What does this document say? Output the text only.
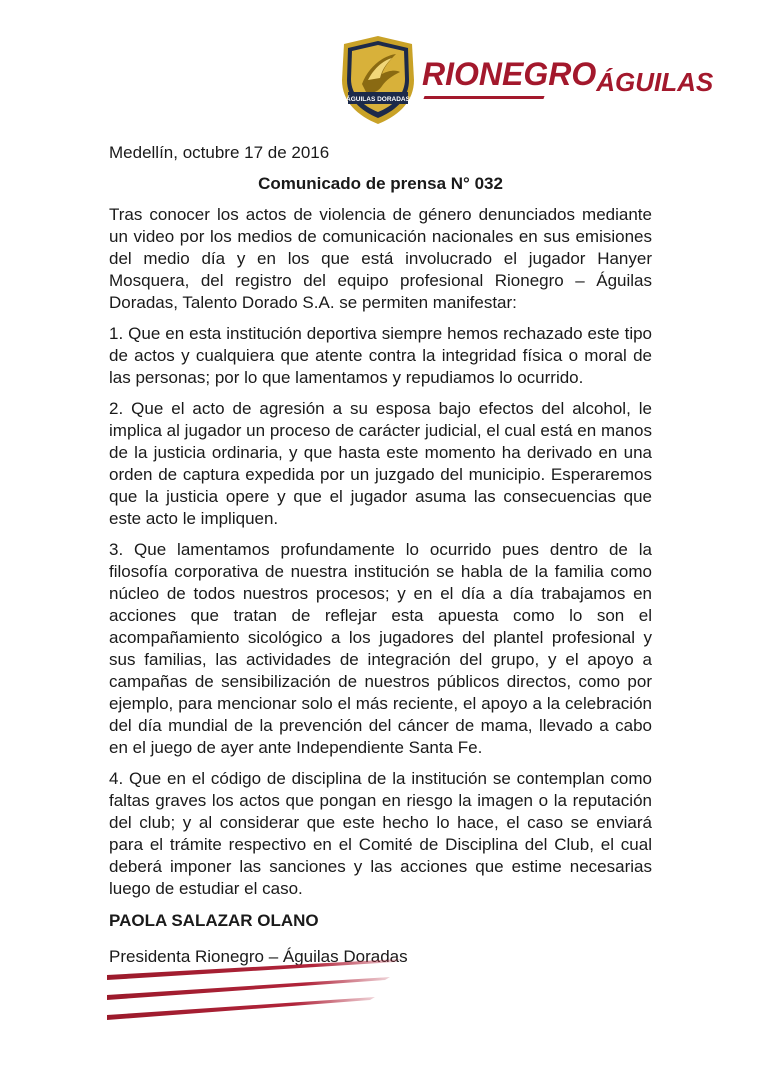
ÁGUILAS DORADAS
RIONEGROÁGUILAS

Medellín, octubre 17 de 2016

Comunicado de prensa N° 032

Tras conocer los actos de violencia de género denunciados mediante un video por los medios de comunicación nacionales en sus emisiones del medio día y en los que está involucrado el jugador Hanyer Mosquera, del registro del equipo profesional Rionegro – Águilas Doradas, Talento Dorado S.A. se permiten manifestar:

1. Que en esta institución deportiva siempre hemos rechazado este tipo de actos y cualquiera que atente contra la integridad física o moral de las personas; por lo que lamentamos y repudiamos lo ocurrido.

2. Que el acto de agresión a su esposa bajo efectos del alcohol, le implica al jugador un proceso de carácter judicial, el cual está en manos de la justicia ordinaria, y que hasta este momento ha derivado en una orden de captura expedida por un juzgado del municipio. Esperaremos que la justicia opere y que el jugador asuma las consecuencias que este acto le impliquen.

3. Que lamentamos profundamente lo ocurrido pues dentro de la filosofía corporativa de nuestra institución se habla de la familia como núcleo de todos nuestros procesos; y en el día a día trabajamos en acciones que tratan de reflejar esta apuesta como lo son el acompañamiento sicológico a los jugadores del plantel profesional y sus familias, las actividades de integración del grupo, y el apoyo a campañas de sensibilización de nuestros públicos directos, como por ejemplo, para mencionar solo el más reciente, el apoyo a la celebración del día mundial de la prevención del cáncer de mama, llevado a cabo en el juego de ayer ante Independiente Santa Fe.

4. Que en el código de disciplina de la institución se contemplan como faltas graves los actos que pongan en riesgo la imagen o la reputación del club; y al considerar que este hecho lo hace, el caso se enviará para el trámite respectivo en el Comité de Disciplina del Club, el cual deberá imponer las sanciones y las acciones que estime necesarias luego de estudiar el caso.

PAOLA SALAZAR OLANO

Presidenta Rionegro – Águilas Doradas
